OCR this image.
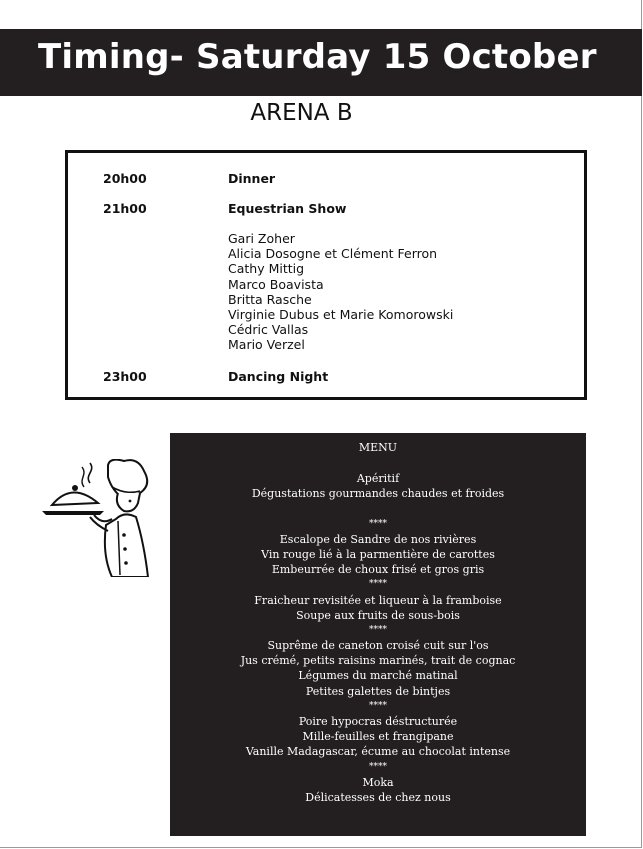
Timing- Saturday 15 October
ARENA B
20h00	Dinner
21h00	Equestrian Show
Gari Zoher
Alicia Dosogne et Clément Ferron
Cathy Mittig
Marco Boavista
Britta Rasche
Virginie Dubus et Marie Komorowski
Cédric Vallas
Mario Verzel
23h00	Dancing Night
MENU
Apéritif
Dégustations gourmandes chaudes et froides
****
Escalope de Sandre de nos rivières
Vin rouge lié à la parmentière de carottes
Embeurrée de choux frisé et gros gris
****
Fraicheur revisitée et liqueur à la framboise
Soupe aux fruits de sous-bois
****
Suprême de caneton croisé cuit sur l'os
Jus crémé, petits raisins marinés, trait de cognac
Légumes du marché matinal
Petites galettes de bintjes
****
Poire hypocras déstructurée
Mille-feuilles et frangipane
Vanille Madagascar, écume au chocolat intense
****
Moka
Délicatesses de chez nous
